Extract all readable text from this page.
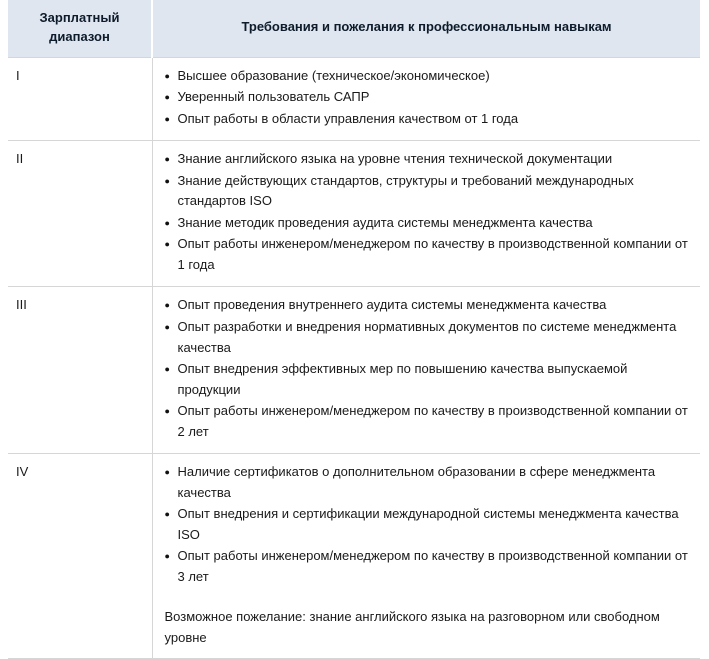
Зарплатный
диапазон	Требования и пожелания к профессиональным навыкам
I	
●Высшее образование (техническое/экономическое)
● Уверенный пользователь САПР
● Опыт работы в области управления качеством от 1 года

II	
●Знание английского языка на уровне чтения технической документации
● Знание действующих стандартов, структуры и требований международных стандартов ISO
● Знание методик проведения аудита системы менеджмента качества
● Опыт работы инженером/менеджером по качеству в производственной компании от 1 года

III	
●Опыт проведения внутреннего аудита системы менеджмента качества
● Опыт разработки и внедрения нормативных документов по системе менеджмента качества
● Опыт внедрения эффективных мер по повышению качества выпускаемой продукции
● Опыт работы инженером/менеджером по качеству в производственной компании от 2 лет

IV	
●Наличие сертификатов о дополнительном образовании в сфере менеджмента качества
● Опыт внедрения и сертификации международной системы менеджмента качества ISO
● Опыт работы инженером/менеджером по качеству в производственной компании от 3 лет

Возможное пожелание: знание английского языка на разговорном или свободном уровне
